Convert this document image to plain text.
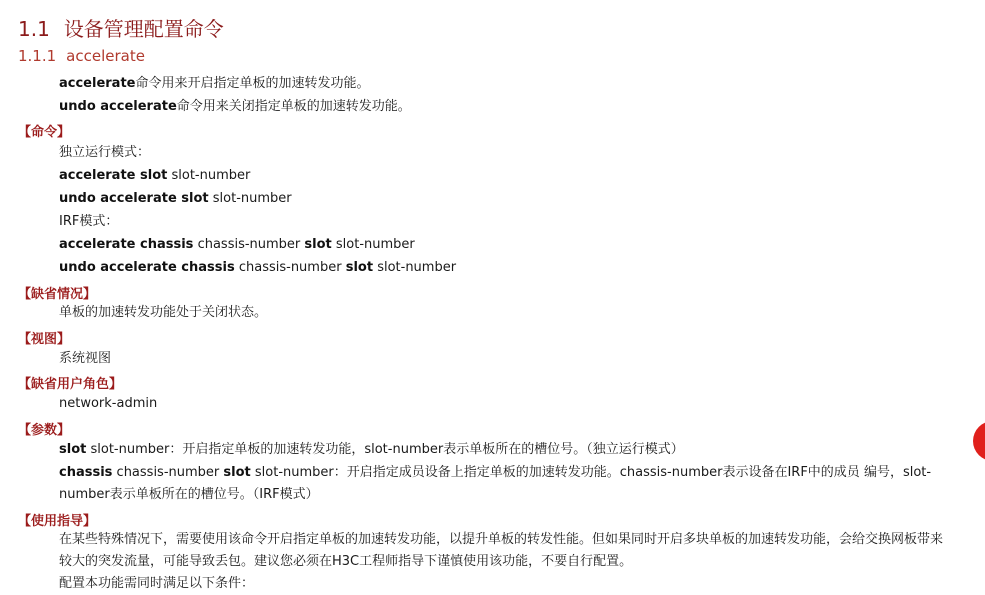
1.1 设备管理配置命令
1.1.1 accelerate
accelerate命令用来开启指定单板的加速转发功能。
undo accelerate命令用来关闭指定单板的加速转发功能。
【命令】
独立运行模式：
accelerate slot slot-number
undo accelerate slot slot-number
IRF模式：
accelerate chassis chassis-number slot slot-number
undo accelerate chassis chassis-number slot slot-number
【缺省情况】
单板的加速转发功能处于关闭状态。
【视图】
系统视图
【缺省用户角色】
network-admin
【参数】
slot slot-number：开启指定单板的加速转发功能，slot-number表示单板所在的槽位号。（独立运行模式）
chassis chassis-number slot slot-number：开启指定成员设备上指定单板的加速转发功能。chassis-number表示设备在IRF中的成员 编号，slot-number表示单板所在的槽位号。（IRF模式）
【使用指导】
在某些特殊情况下，需要使用该命令开启指定单板的加速转发功能，以提升单板的转发性能。但如果同时开启多块单板的加速转发功能，会给交换网板带来较大的突发流量，可能导致丢包。建议您必须在H3C工程师指导下谨慎使用该功能，不要自行配置。
配置本功能需同时满足以下条件：
